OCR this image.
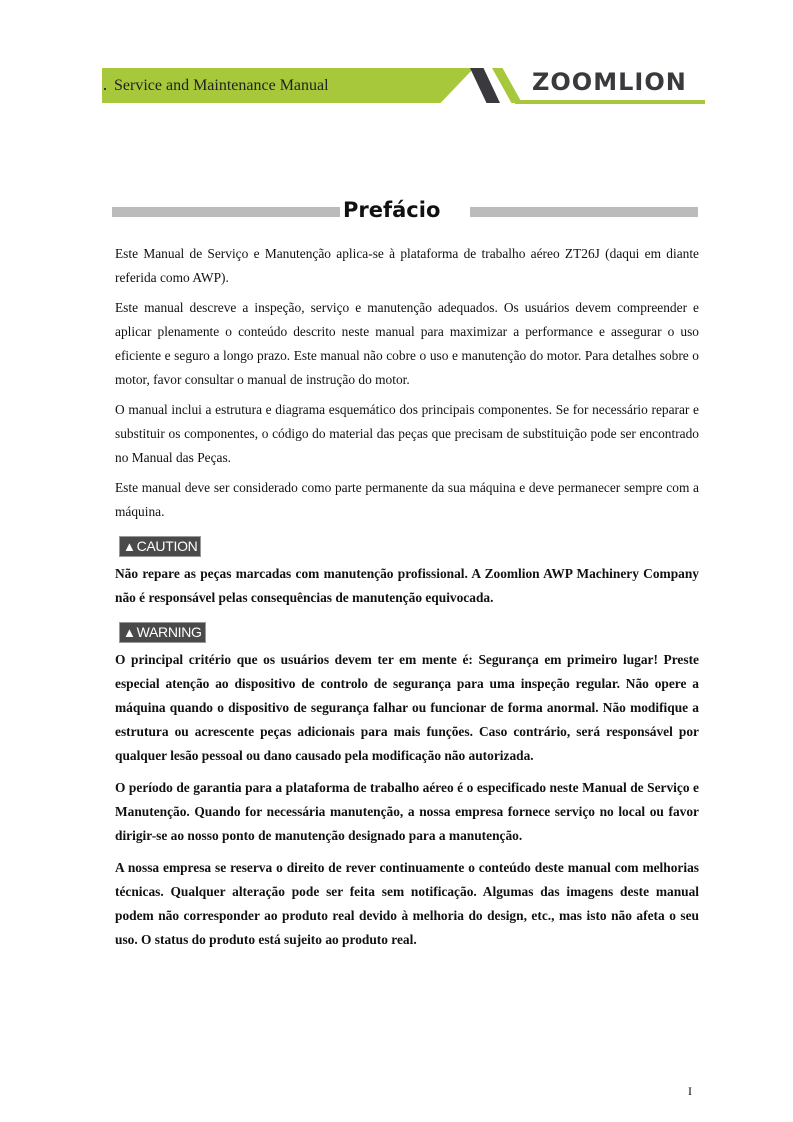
Service and Maintenance Manual	ZOOMLION
Prefácio

Este Manual de Serviço e Manutenção aplica-se à plataforma de trabalho aéreo ZT26J (daqui em diante referida como AWP).

Este manual descreve a inspeção, serviço e manutenção adequados. Os usuários devem compreender e aplicar plenamente o conteúdo descrito neste manual para maximizar a performance e assegurar o uso eficiente e seguro a longo prazo. Este manual não cobre o uso e manutenção do motor. Para detalhes sobre o motor, favor consultar o manual de instrução do motor.

O manual inclui a estrutura e diagrama esquemático dos principais componentes. Se for necessário reparar e substituir os componentes, o código do material das peças que precisam de substituição pode ser encontrado no Manual das Peças.

Este manual deve ser considerado como parte permanente da sua máquina e deve permanecer sempre com a máquina.

▲CAUTION

Não repare as peças marcadas com manutenção profissional. A Zoomlion AWP Machinery Company não é responsável pelas consequências de manutenção equivocada.

▲WARNING

O principal critério que os usuários devem ter em mente é: Segurança em primeiro lugar! Preste especial atenção ao dispositivo de controlo de segurança para uma inspeção regular. Não opere a máquina quando o dispositivo de segurança falhar ou funcionar de forma anormal. Não modifique a estrutura ou acrescente peças adicionais para mais funções. Caso contrário, será responsável por qualquer lesão pessoal ou dano causado pela modificação não autorizada.

O período de garantia para a plataforma de trabalho aéreo é o especificado neste Manual de Serviço e Manutenção. Quando for necessária manutenção, a nossa empresa fornece serviço no local ou favor dirigir-se ao nosso ponto de manutenção designado para a manutenção.

A nossa empresa se reserva o direito de rever continuamente o conteúdo deste manual com melhorias técnicas. Qualquer alteração pode ser feita sem notificação. Algumas das imagens deste manual podem não corresponder ao produto real devido à melhoria do design, etc., mas isto não afeta o seu uso. O status do produto está sujeito ao produto real.

I
